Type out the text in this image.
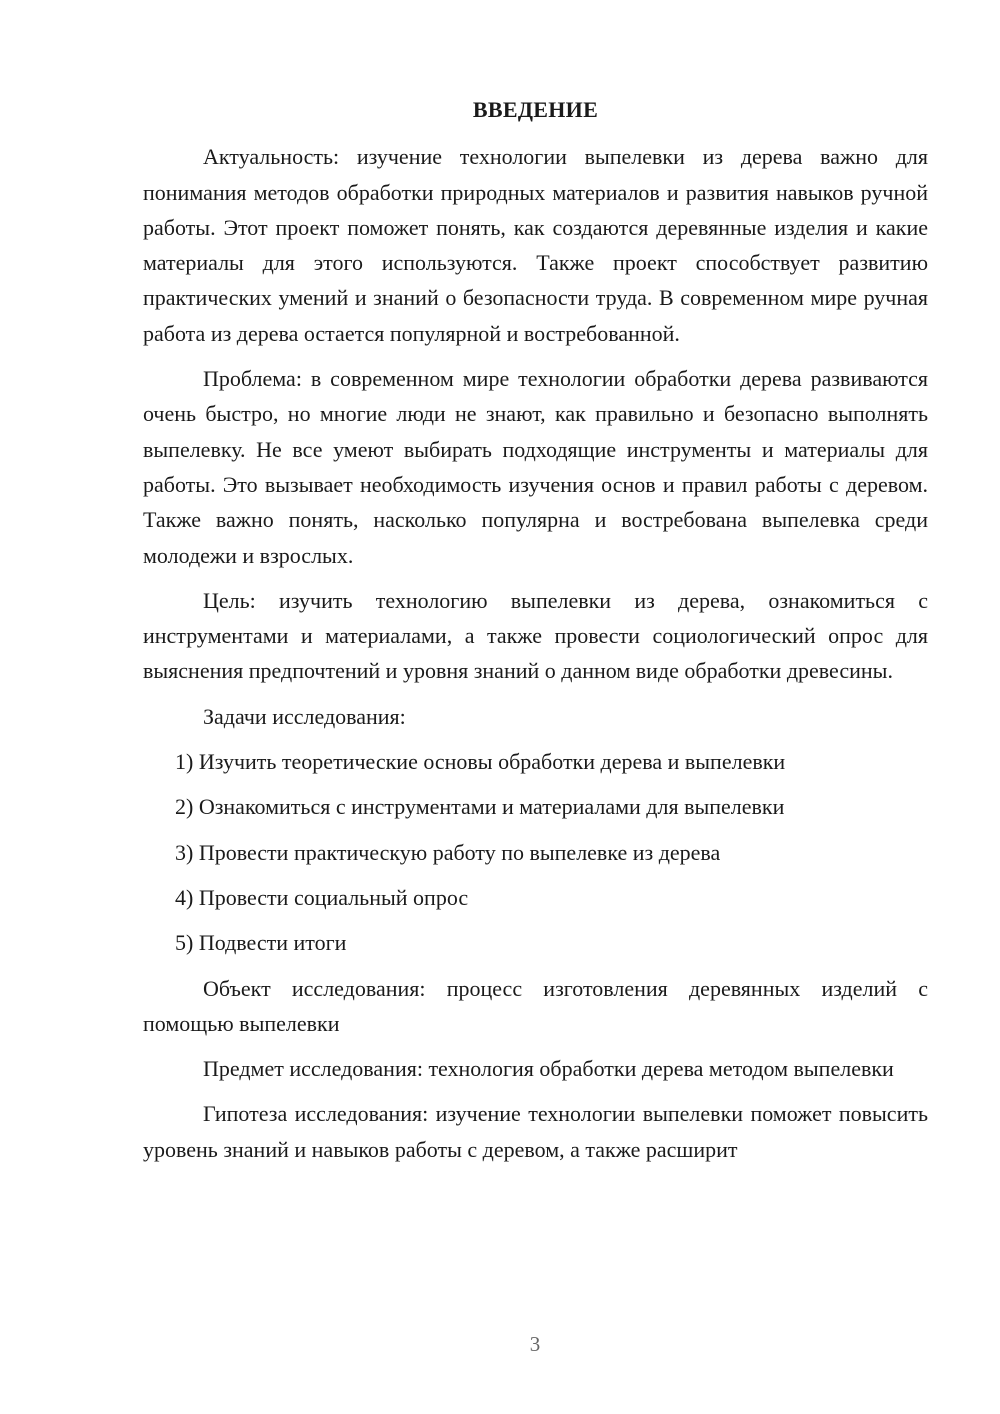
ВВЕДЕНИЕ

Актуальность: изучение технологии выпелевки из дерева важно для понимания методов обработки природных материалов и развития навыков ручной работы. Этот проект поможет понять, как создаются деревянные изделия и какие материалы для этого используются. Также проект способствует развитию практических умений и знаний о безопасности труда. В современном мире ручная работа из дерева остается популярной и востребованной.

Проблема: в современном мире технологии обработки дерева развиваются очень быстро, но многие люди не знают, как правильно и безопасно выполнять выпелевку. Не все умеют выбирать подходящие инструменты и материалы для работы. Это вызывает необходимость изучения основ и правил работы с деревом. Также важно понять, насколько популярна и востребована выпелевка среди молодежи и взрослых.

Цель: изучить технологию выпелевки из дерева, ознакомиться с инструментами и материалами, а также провести социологический опрос для выяснения предпочтений и уровня знаний о данном виде обработки древесины.

Задачи исследования:

1) Изучить теоретические основы обработки дерева и выпелевки
2) Ознакомиться с инструментами и материалами для выпелевки
3) Провести практическую работу по выпелевке из дерева
4) Провести социальный опрос
5) Подвести итоги

Объект исследования: процесс изготовления деревянных изделий с помощью выпелевки

Предмет исследования: технология обработки дерева методом выпелевки

Гипотеза исследования: изучение технологии выпелевки поможет повысить уровень знаний и навыков работы с деревом, а также расширит

3
